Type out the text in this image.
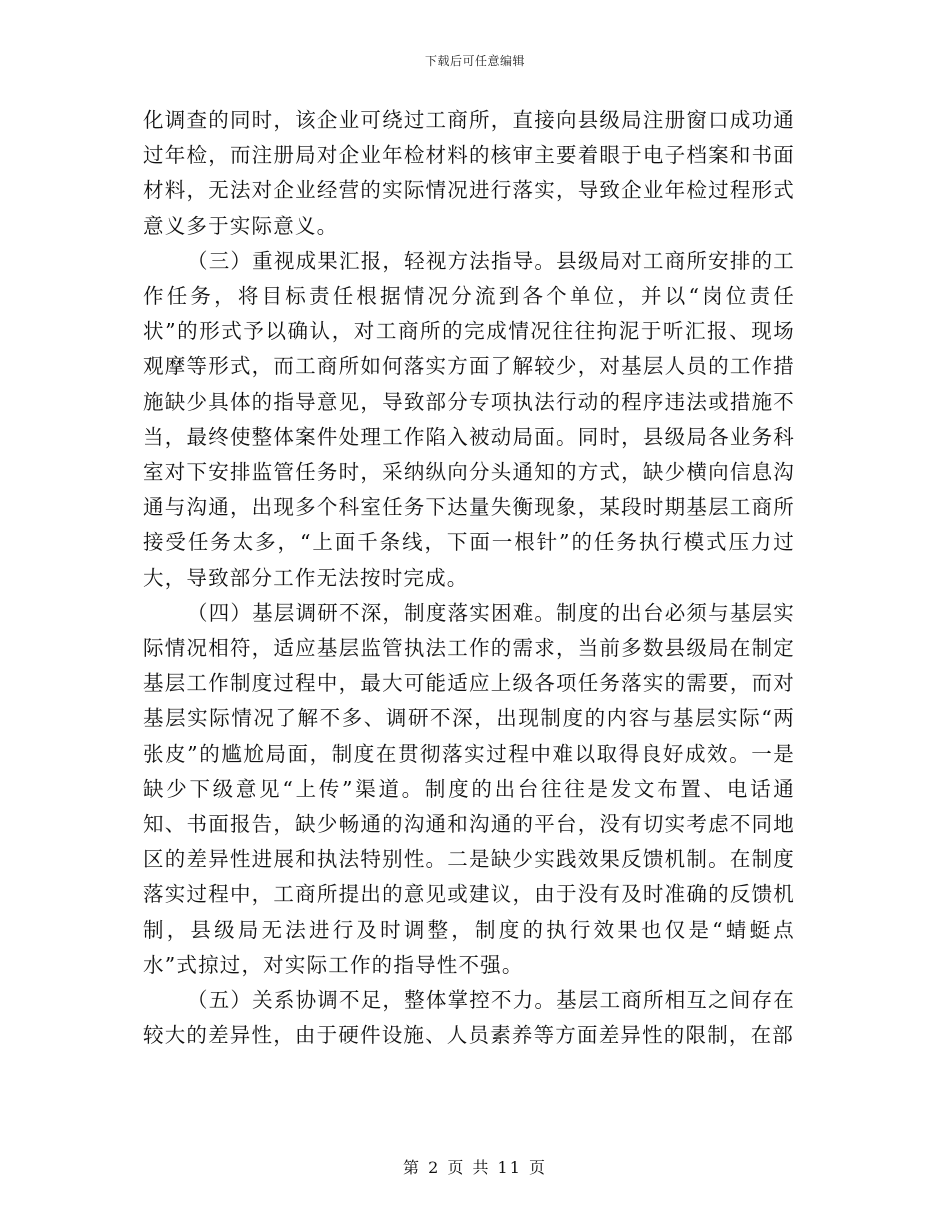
下载后可任意编辑

化调查的同时，该企业可绕过工商所，直接向县级局注册窗口成功通过年检，而注册局对企业年检材料的核审主要着眼于电子档案和书面材料，无法对企业经营的实际情况进行落实，导致企业年检过程形式意义多于实际意义。

（三）重视成果汇报，轻视方法指导。县级局对工商所安排的工作任务，将目标责任根据情况分流到各个单位，并以“岗位责任状”的形式予以确认，对工商所的完成情况往往拘泥于听汇报、现场观摩等形式，而工商所如何落实方面了解较少，对基层人员的工作措施缺少具体的指导意见，导致部分专项执法行动的程序违法或措施不当，最终使整体案件处理工作陷入被动局面。同时，县级局各业务科室对下安排监管任务时，采纳纵向分头通知的方式，缺少横向信息沟通与沟通，出现多个科室任务下达量失衡现象，某段时期基层工商所接受任务太多，“上面千条线，下面一根针”的任务执行模式压力过大，导致部分工作无法按时完成。

（四）基层调研不深，制度落实困难。制度的出台必须与基层实际情况相符，适应基层监管执法工作的需求，当前多数县级局在制定基层工作制度过程中，最大可能适应上级各项任务落实的需要，而对基层实际情况了解不多、调研不深，出现制度的内容与基层实际“两张皮”的尴尬局面，制度在贯彻落实过程中难以取得良好成效。一是缺少下级意见“上传”渠道。制度的出台往往是发文布置、电话通知、书面报告，缺少畅通的沟通和沟通的平台，没有切实考虑不同地区的差异性进展和执法特别性。二是缺少实践效果反馈机制。在制度落实过程中，工商所提出的意见或建议，由于没有及时准确的反馈机制，县级局无法进行及时调整，制度的执行效果也仅是“蜻蜓点水”式掠过，对实际工作的指导性不强。

（五）关系协调不足，整体掌控不力。基层工商所相互之间存在较大的差异性，由于硬件设施、人员素养等方面差异性的限制，在部

第 2 页 共 11 页
